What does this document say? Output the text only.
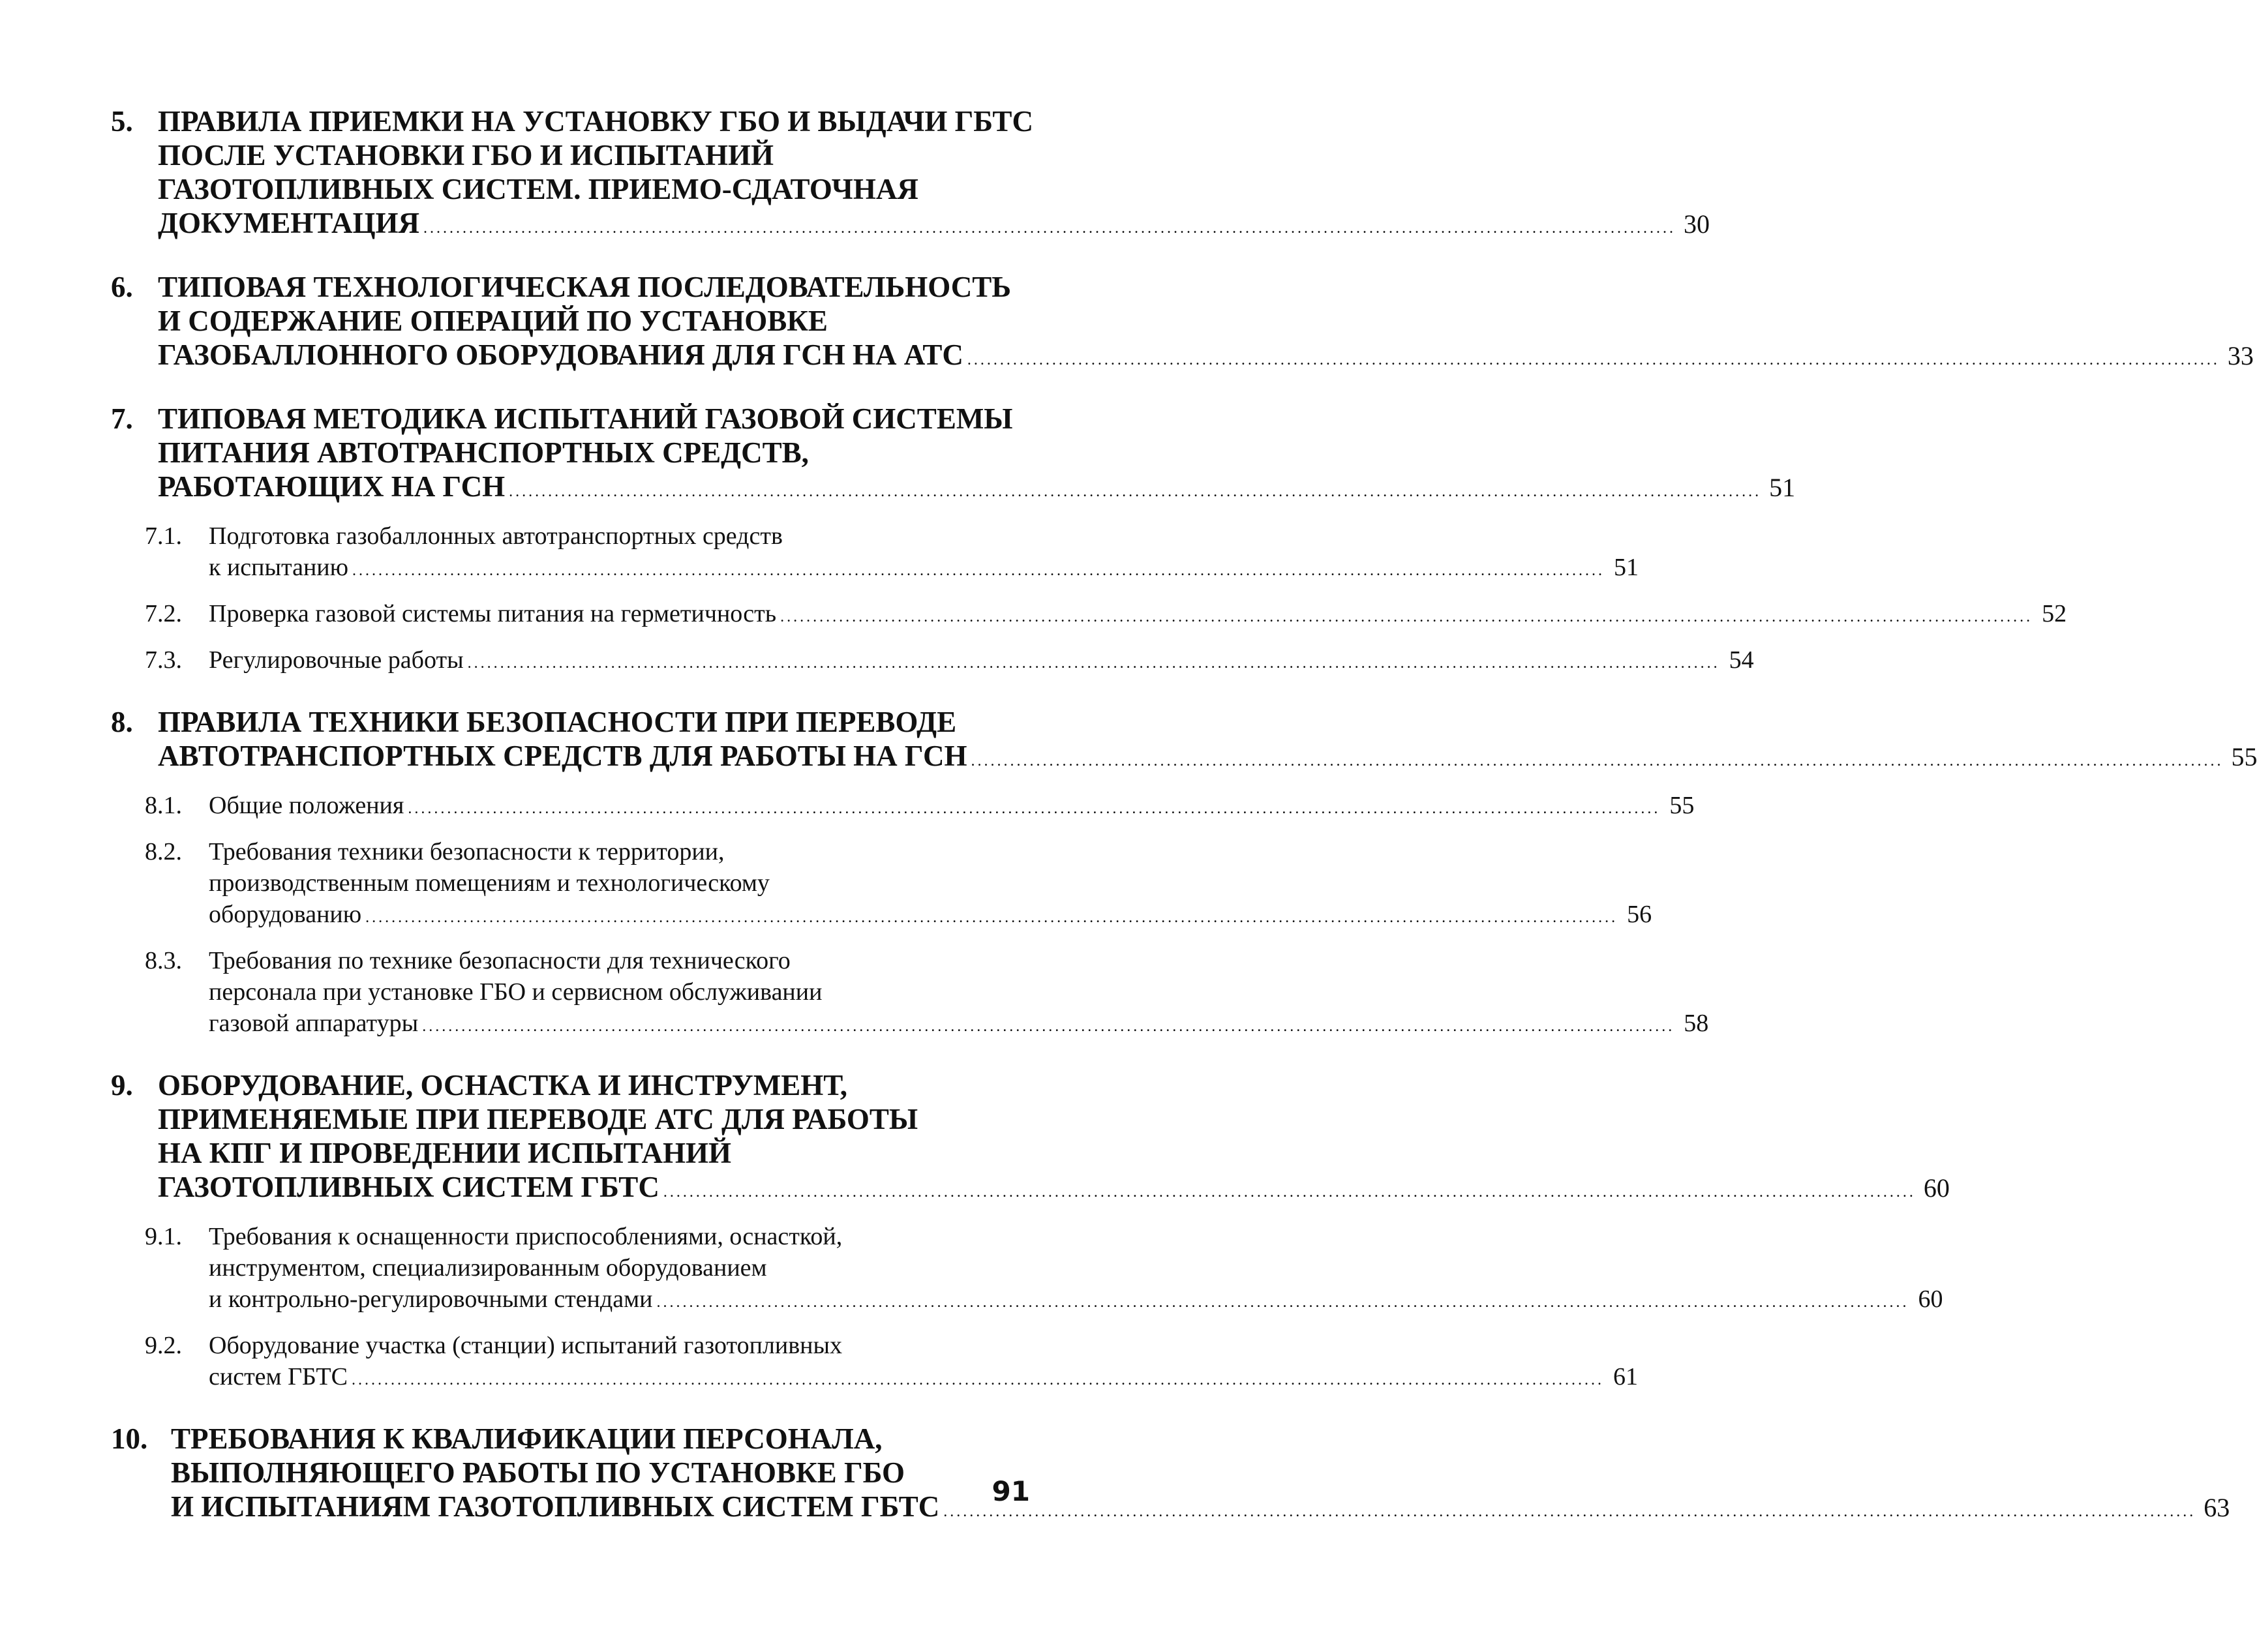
5. ПРАВИЛА ПРИЕМКИ НА УСТАНОВКУ ГБО И ВЫДАЧИ ГБТС
ПОСЛЕ УСТАНОВКИ ГБО И ИСПЫТАНИЙ
ГАЗОТОПЛИВНЫХ СИСТЕМ. ПРИЕМО-СДАТОЧНАЯ
ДОКУМЕНТАЦИЯ ................................................................................................................................................................................................ 30
6. ТИПОВАЯ ТЕХНОЛОГИЧЕСКАЯ ПОСЛЕДОВАТЕЛЬНОСТЬ
И СОДЕРЖАНИЕ ОПЕРАЦИЙ ПО УСТАНОВКЕ
ГАЗОБАЛЛОННОГО ОБОРУДОВАНИЯ ДЛЯ ГСН НА АТС ................................................................................................................................................................................................ 33
7. ТИПОВАЯ МЕТОДИКА ИСПЫТАНИЙ ГАЗОВОЙ СИСТЕМЫ
ПИТАНИЯ АВТОТРАНСПОРТНЫХ СРЕДСТВ,
РАБОТАЮЩИХ НА ГСН ................................................................................................................................................................................................ 51
7.1. Подготовка газобаллонных автотранспортных средств
к испытанию ................................................................................................................................................................................................ 51
7.2. Проверка газовой системы питания на герметичность ................................................................................................................................................................................................ 52
7.3. Регулировочные работы ................................................................................................................................................................................................ 54
8. ПРАВИЛА ТЕХНИКИ БЕЗОПАСНОСТИ ПРИ ПЕРЕВОДЕ
АВТОТРАНСПОРТНЫХ СРЕДСТВ ДЛЯ РАБОТЫ НА ГСН ................................................................................................................................................................................................ 55
8.1. Общие положения ................................................................................................................................................................................................ 55
8.2. Требования техники безопасности к территории,
производственным помещениям и технологическому
оборудованию ................................................................................................................................................................................................ 56
8.3. Требования по технике безопасности для технического
персонала при установке ГБО и сервисном обслуживании
газовой аппаратуры ................................................................................................................................................................................................ 58
9. ОБОРУДОВАНИЕ, ОСНАСТКА И ИНСТРУМЕНТ,
ПРИМЕНЯЕМЫЕ ПРИ ПЕРЕВОДЕ АТС ДЛЯ РАБОТЫ
НА КПГ И ПРОВЕДЕНИИ ИСПЫТАНИЙ
ГАЗОТОПЛИВНЫХ СИСТЕМ ГБТС ................................................................................................................................................................................................ 60
9.1. Требования к оснащенности приспособлениями, оснасткой,
инструментом, специализированным оборудованием
и контрольно-регулировочными стендами ................................................................................................................................................................................................ 60
9.2. Оборудование участка (станции) испытаний газотопливных
систем ГБТС ................................................................................................................................................................................................ 61
10. ТРЕБОВАНИЯ К КВАЛИФИКАЦИИ ПЕРСОНАЛА,
ВЫПОЛНЯЮЩЕГО РАБОТЫ ПО УСТАНОВКЕ ГБО
И ИСПЫТАНИЯМ ГАЗОТОПЛИВНЫХ СИСТЕМ ГБТС ................................................................................................................................................................................................ 63
91
